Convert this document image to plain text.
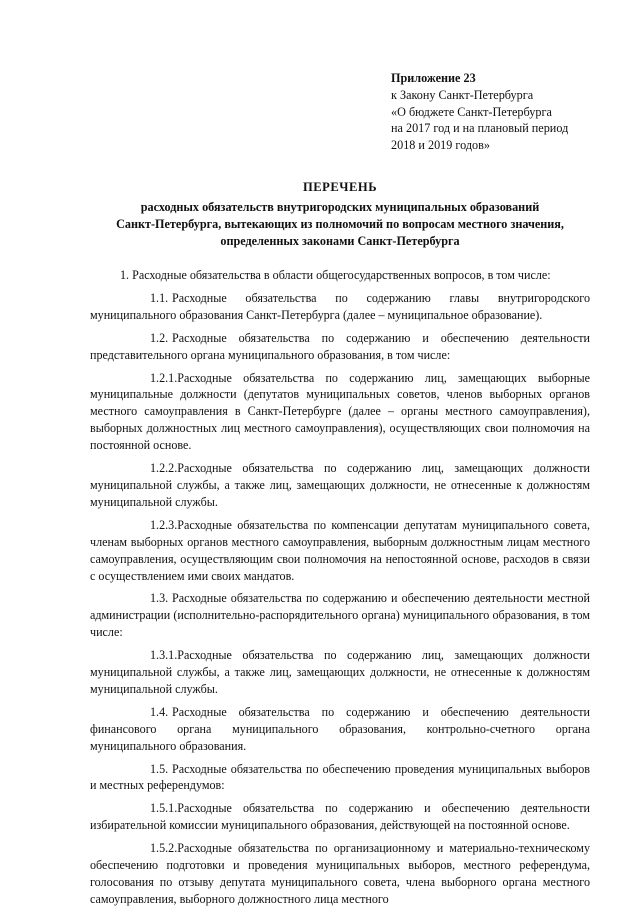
Приложение 23
к Закону Санкт-Петербурга
«О бюджете Санкт-Петербурга
на 2017 год и на плановый период
2018 и 2019 годов»
ПЕРЕЧЕНЬ
расходных обязательств внутригородских муниципальных образований
Санкт-Петербурга, вытекающих из полномочий по вопросам местного значения,
определенных законами Санкт-Петербурга

1. Расходные обязательства в области общегосударственных вопросов, в том числе:

1.1. Расходные обязательства по содержанию главы внутригородского муниципального образования Санкт-Петербурга (далее – муниципальное образование).

1.2. Расходные обязательства по содержанию и обеспечению деятельности представительного органа муниципального образования, в том числе:

1.2.1.Расходные обязательства по содержанию лиц, замещающих выборные муниципальные должности (депутатов муниципальных советов, членов выборных органов местного самоуправления в Санкт-Петербурге (далее – органы местного самоуправления), выборных должностных лиц местного самоуправления), осуществляющих свои полномочия на постоянной основе.

1.2.2.Расходные обязательства по содержанию лиц, замещающих должности муниципальной службы, а также лиц, замещающих должности, не отнесенные к должностям муниципальной службы.

1.2.3.Расходные обязательства по компенсации депутатам муниципального совета, членам выборных органов местного самоуправления, выборным должностным лицам местного самоуправления, осуществляющим свои полномочия на непостоянной основе, расходов в связи с осуществлением ими своих мандатов.

1.3. Расходные обязательства по содержанию и обеспечению деятельности местной администрации (исполнительно-распорядительного органа) муниципального образования, в том числе:

1.3.1.Расходные обязательства по содержанию лиц, замещающих должности муниципальной службы, а также лиц, замещающих должности, не отнесенные к должностям муниципальной службы.

1.4. Расходные обязательства по содержанию и обеспечению деятельности финансового органа муниципального образования, контрольно-счетного органа муниципального образования.

1.5. Расходные обязательства по обеспечению проведения муниципальных выборов и местных референдумов:

1.5.1.Расходные обязательства по содержанию и обеспечению деятельности избирательной комиссии муниципального образования, действующей на постоянной основе.

1.5.2.Расходные обязательства по организационному и материально-техническому обеспечению подготовки и проведения муниципальных выборов, местного референдума, голосования по отзыву депутата муниципального совета, члена выборного органа местного самоуправления, выборного должностного лица местного
